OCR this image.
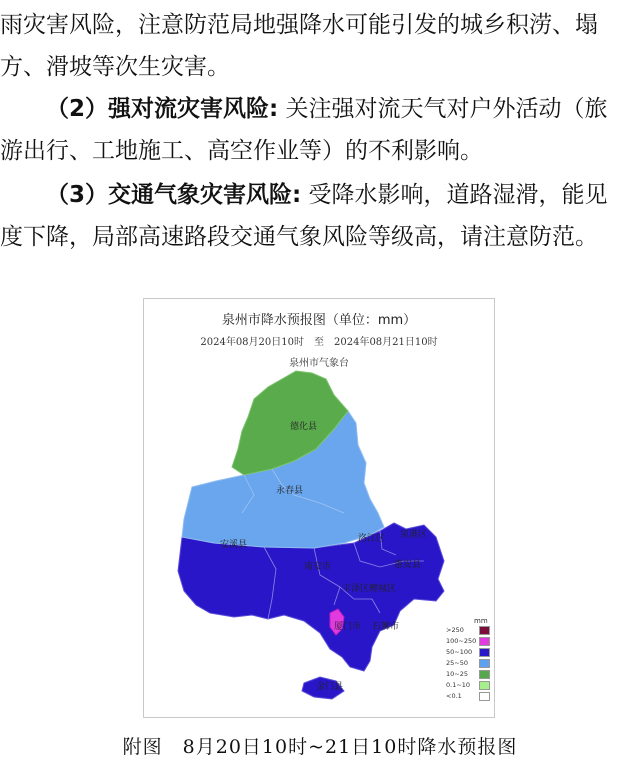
雨灾害风险，注意防范局地强降水可能引发的城乡积涝、塌
方、滑坡等次生灾害。
（2）强对流灾害风险: 关注强对流天气对户外活动（旅
游出行、工地施工、高空作业等）的不利影响。
（3）交通气象灾害风险: 受降水影响，道路湿滑，能见
度下降，局部高速路段交通气象风险等级高，请注意防范。
德化县
永春县
安溪县
洛江区 泉港区
南安市	惠安县
丰泽区鲤城区
厦门市 石狮市
金门县
泉州市降水预报图（单位：mm）
2024年08月20日10时　至　2024年08月21日10时
泉州市气象台
mm
>250
100~250
50~100
25~50
10~25
0.1~10
<0.1
附图　8月20日10时~21日10时降水预报图
